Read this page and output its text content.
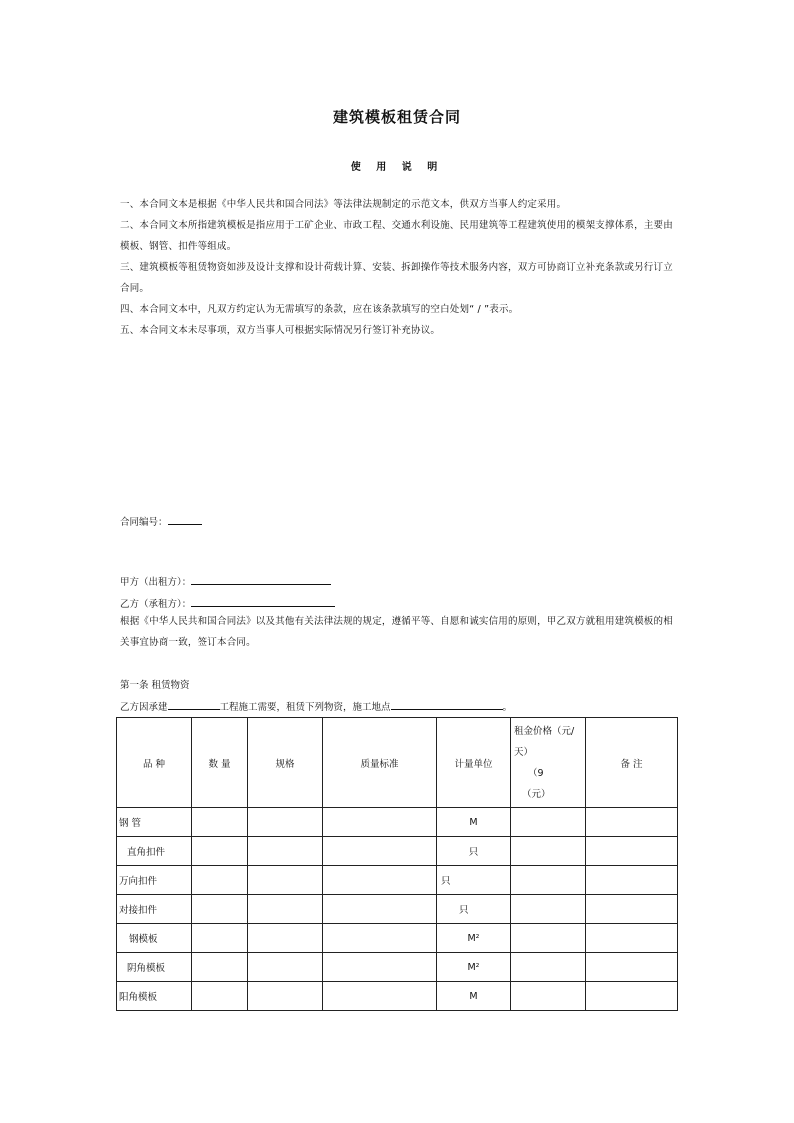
建筑模板租赁合同
使 用 说 明
一、本合同文本是根据《中华人民共和国合同法》等法律法规制定的示范文本，供双方当事人约定采用。
二、本合同文本所指建筑模板是指应用于工矿企业、市政工程、交通水利设施、民用建筑等工程建筑使用的模架支撑体系，主要由模板、钢管、扣件等组成。
三、建筑模板等租赁物资如涉及设计支撑和设计荷载计算、安装、拆卸操作等技术服务内容，双方可协商订立补充条款或另行订立合同。
四、本合同文本中，凡双方约定认为无需填写的条款，应在该条款填写的空白处划“ / ”表示。
五、本合同文本未尽事项，双方当事人可根据实际情况另行签订补充协议。
合同编号：
甲方（出租方）：
乙方（承租方）：
根据《中华人民共和国合同法》以及其他有关法律法规的规定，遵循平等、自愿和诚实信用的原则，甲乙双方就租用建筑模板的相关事宜协商一致，签订本合同。
第一条 租赁物资
乙方因承建	工程施工需要，租赁下列物资，施工地点	。
品 种	数 量	规格	质量标准	计量单位	租金价格（元/
天）
（9
（元）	备 注
钢 管				M		
直角扣件				只		
万向扣件				只		
对接扣件				只		
钢模板				M²		
阴角模板				M²		
阳角模板				M		
